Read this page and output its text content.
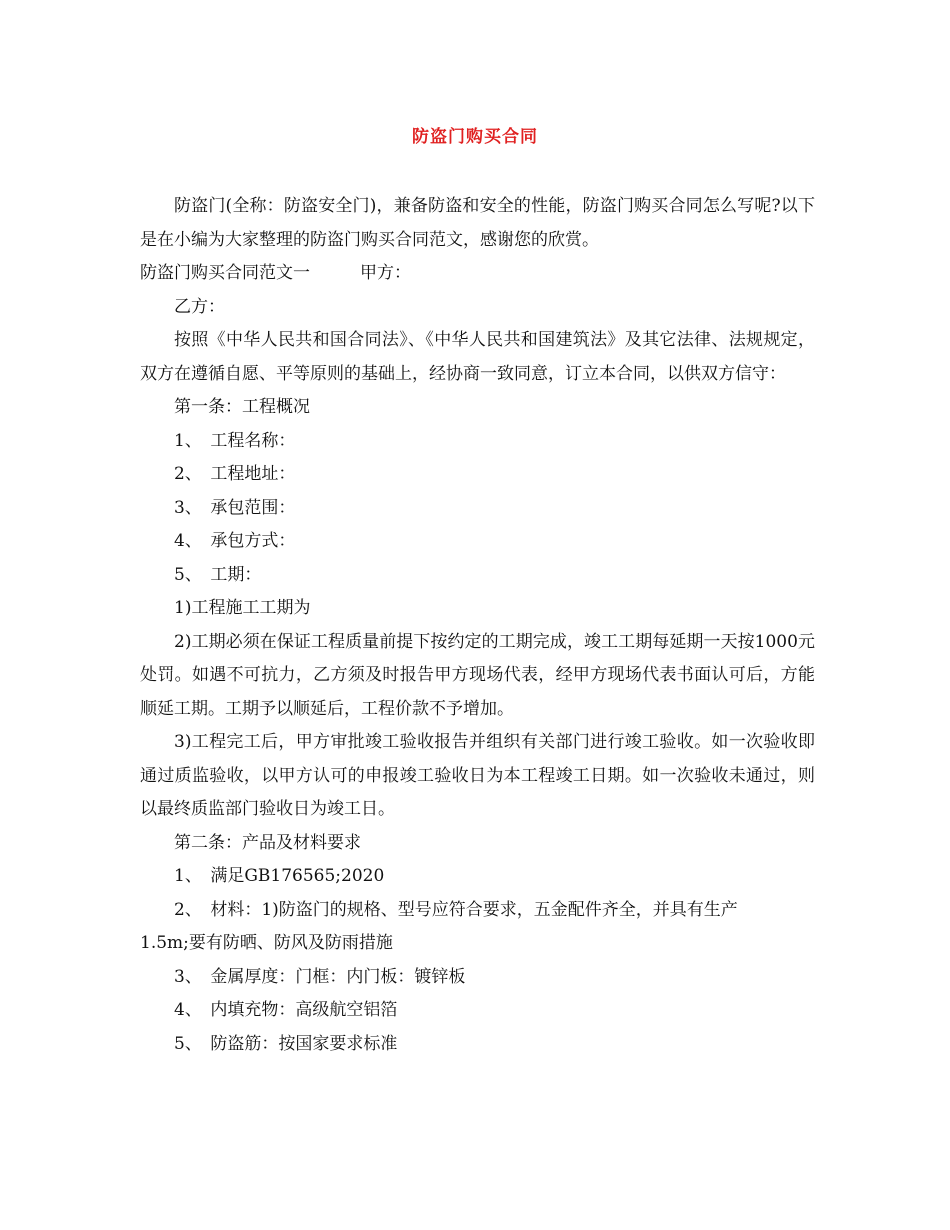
防盗门购买合同

防盗门(全称：防盗安全门)，兼备防盗和安全的性能，防盗门购买合同怎么写呢?以下是在小编为大家整理的防盗门购买合同范文，感谢您的欣赏。

防盗门购买合同范文一	甲方：

乙方：

按照《中华人民共和国合同法》、《中华人民共和国建筑法》及其它法律、法规规定，双方在遵循自愿、平等原则的基础上，经协商一致同意，订立本合同，以供双方信守：

第一条：工程概况

1、　工程名称：

2、　工程地址：

3、　承包范围：

4、　承包方式：

5、　工期：

1)工程施工工期为

2)工期必须在保证工程质量前提下按约定的工期完成，竣工工期每延期一天按1000元处罚。如遇不可抗力，乙方须及时报告甲方现场代表，经甲方现场代表书面认可后，方能顺延工期。工期予以顺延后，工程价款不予增加。

3)工程完工后，甲方审批竣工验收报告并组织有关部门进行竣工验收。如一次验收即通过质监验收，以甲方认可的申报竣工验收日为本工程竣工日期。如一次验收未通过，则以最终质监部门验收日为竣工日。

第二条：产品及材料要求

1、　满足GB176565;2020

2、　材料：1)防盗门的规格、型号应符合要求，五金配件齐全，并具有生产

1.5m;要有防晒、防风及防雨措施

3、　金属厚度：门框：内门板：镀锌板

4、　内填充物：高级航空铝箔

5、　防盗筋：按国家要求标准
